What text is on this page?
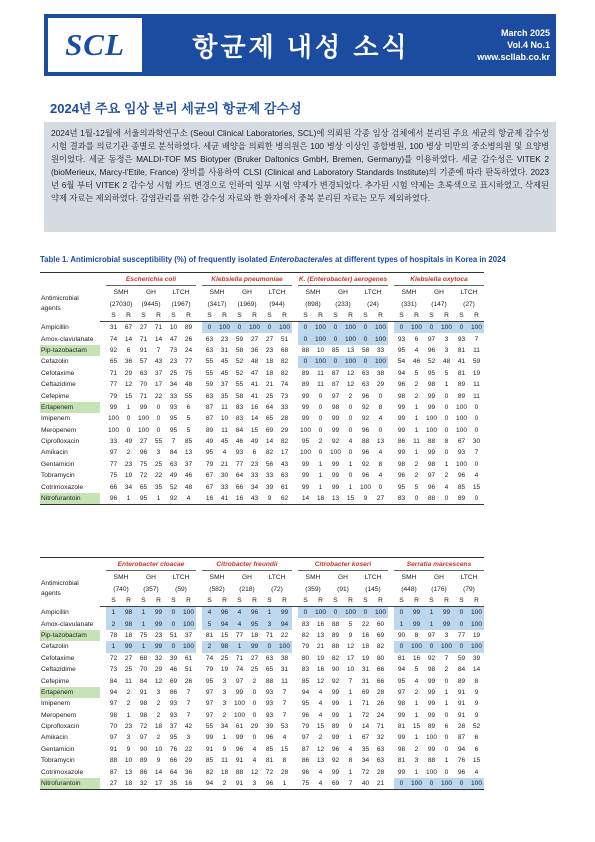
SCL	항균제 내성 소식	March 2025
Vol.4 No.1
www.scllab.co.kr
2024년 주요 임상 분리 세균의 항균제 감수성
2024년 1월-12월에 서울의과학연구소 (Seoul Clinical Laboratories, SCL)에 의뢰된 각종 임상 검체에서 분리된 주요 세균의 항균제 감수성 시험 결과를 의료기관 종별로 분석하였다. 세균 배양을 의뢰한 병의원은 100 병상 이상인 종합병원, 100 병상 미만의 중소병의원 및 요양병원이었다. 세균 동정은 MALDI-TOF MS Biotyper (Bruker Daltonics GmbH, Bremen, Germany)를 이용하였다. 세균 감수성은 VITEK 2 (bioMerieux, Marcy-l’Etile, France) 장비를 사용하여 CLSI (Clinical and Laboratory Standards Institute)의 기준에 따라 판독하였다. 2023년 6월 부터 VITEK 2 감수성 시험 카드 변경으로 인하여 일부 시험 약제가 변경되었다. 추가된 시험 약제는 초록색으로 표시하였고, 삭제된 약제 자료는 제외하였다. 감염관리를 위한 감수성 자료와 한 환자에서 중복 분리된 자료는 모두 제외하였다.
Table 1. Antimicrobial susceptibility (%) of frequently isolated Enterobacterales at different types of hospitals in Korea in 2024
		Escherichia coli							Klebsiella pneumoniae							K. (Enterobacter) aerogenes							Klebsiella oxytoca					
Antimicrobial agents		SMH		GH		LTCH			SMH		GH		LTCH			SMH		GH		LTCH			SMH		GH		LTCH	
		(27030)		(9445)		(1967)			(3417)		(1969)		(944)			(898)		(233)		(24)			(331)		(147)		(27)	
		S	R	S	R	S	R		S	R	S	R	S	R		S	R	S	R	S	R		S	R	S	R	S	R
Ampicillin		31	67	27	71	10	89		0	100	0	100	0	100		0	100	0	100	0	100		0	100	0	100	0	100
Amox-clavulanate		74	14	71	14	47	26		63	23	59	27	27	51		0	100	0	100	0	100		93	6	97	3	93	7
Pip-tazobactam		92	6	91	7	73	24		63	31	58	36	23	68		88	10	85	13	58	33		95	4	96	3	81	11
Cefazolin		65	36	57	43	23	77		55	45	52	48	18	82		0	100	0	100	0	100		54	46	52	48	41	59
Cefotaxime		71	29	63	37	25	75		55	45	52	47	18	82		89	11	87	12	63	38		94	5	95	5	81	19
Ceftazidime		77	12	70	17	34	48		59	37	55	41	21	74		89	11	87	12	63	29		96	2	98	1	89	11
Cefepime		79	15	71	22	33	55		63	35	58	41	25	73		99	0	97	2	96	0		98	2	99	0	89	11
Ertapenem		99	1	99	0	93	6		87	11	83	16	64	33		99	0	98	0	92	8		99	1	99	0	100	0
Imipenem		100	0	100	0	95	5		87	10	83	14	65	28		99	0	99	0	92	4		99	1	100	0	100	0
Meropenem		100	0	100	0	95	5		89	11	84	15	69	29		100	0	99	0	96	0		99	1	100	0	100	0
Ciprofloxacin		33	49	27	55	7	85		49	45	46	49	14	82		95	2	92	4	88	13		86	11	88	8	67	30
Amikacin		97	2	96	3	84	13		95	4	93	6	82	17		100	0	100	0	96	4		99	1	99	0	93	7
Gentamicin		77	23	75	25	63	37		79	21	77	23	56	43		99	1	99	1	92	8		98	2	98	1	100	0
Tobramycin		75	19	72	22	49	46		67	30	64	33	33	63		99	1	99	0	96	4		96	2	97	2	96	4
Cotrimoxazole		66	34	65	35	52	48		67	33	66	34	39	61		99	1	99	1	100	0		95	5	96	4	85	15
Nitrofurantoin		96	1	95	1	92	4		16	41	16	43	9	62		14	18	13	15	9	27		83	0	88	0	89	0
		Enterobacter cloacae							Citrobacter freundii							Citrobacter koseri							Serratia marcescens					
Antimicrobial agents		SMH		GH		LTCH			SMH		GH		LTCH			SMH		GH		LTCH			SMH		GH		LTCH	
		(740)		(357)		(59)			(582)		(218)		(72)			(359)		(91)		(145)			(448)		(176)		(79)	
		S	R	S	R	S	R		S	R	S	R	S	R		S	R	S	R	S	R		S	R	S	R	S	R
Ampicillin		1	98	1	99	0	100		4	96	4	96	1	99		0	100	0	100	0	100		0	99	1	99	0	100
Amox-clavulanate		2	98	1	99	0	100		5	94	4	95	3	94		83	16	88	5	22	60		1	99	1	99	0	100
Pip-tazobactam		78	18	75	23	51	37		81	15	77	18	71	22		82	13	89	9	16	69		90	8	97	3	77	19
Cefazolin		1	99	1	99	0	100		2	98	1	99	0	100		79	21	88	12	18	82		0	100	0	100	0	100
Cefotaxime		72	27	68	32	39	61		74	25	71	27	63	38		80	19	82	17	19	80		81	16	92	7	59	39
Ceftazidime		73	25	70	29	46	51		79	19	74	25	65	31		83	16	90	10	31	66		94	5	98	2	84	14
Cefepime		84	11	84	12	69	26		95	3	97	2	88	11		85	12	92	7	31	66		95	4	99	0	89	8
Ertapenem		94	2	91	3	86	7		97	3	99	0	93	7		94	4	99	1	69	28		97	2	99	1	91	9
Imipenem		97	2	98	2	93	7		97	3	100	0	93	7		95	4	99	1	71	26		98	1	99	1	91	9
Meropenem		98	1	98	2	93	7		97	2	100	0	93	7		96	4	99	1	72	24		99	1	99	0	91	9
Ciprofloxacin		70	23	72	18	37	42		55	34	61	29	39	53		79	15	89	9	14	71		81	15	89	6	28	52
Amikacin		97	3	97	2	95	3		99	1	99	0	96	4		97	2	99	1	67	32		99	1	100	0	87	6
Gentamicin		91	9	90	10	76	22		91	9	96	4	85	15		87	12	96	4	35	63		98	2	99	0	94	6
Tobramycin		88	10	89	9	66	29		85	11	91	4	81	8		86	13	92	8	34	63		81	3	88	1	76	15
Cotrimoxazole		87	13	86	14	64	36		82	18	88	12	72	28		96	4	99	1	72	28		99	1	100	0	96	4
Nitrofurantoin		27	18	32	17	35	16		94	2	91	3	96	1		75	4	69	7	40	21		0	100	0	100	0	100
